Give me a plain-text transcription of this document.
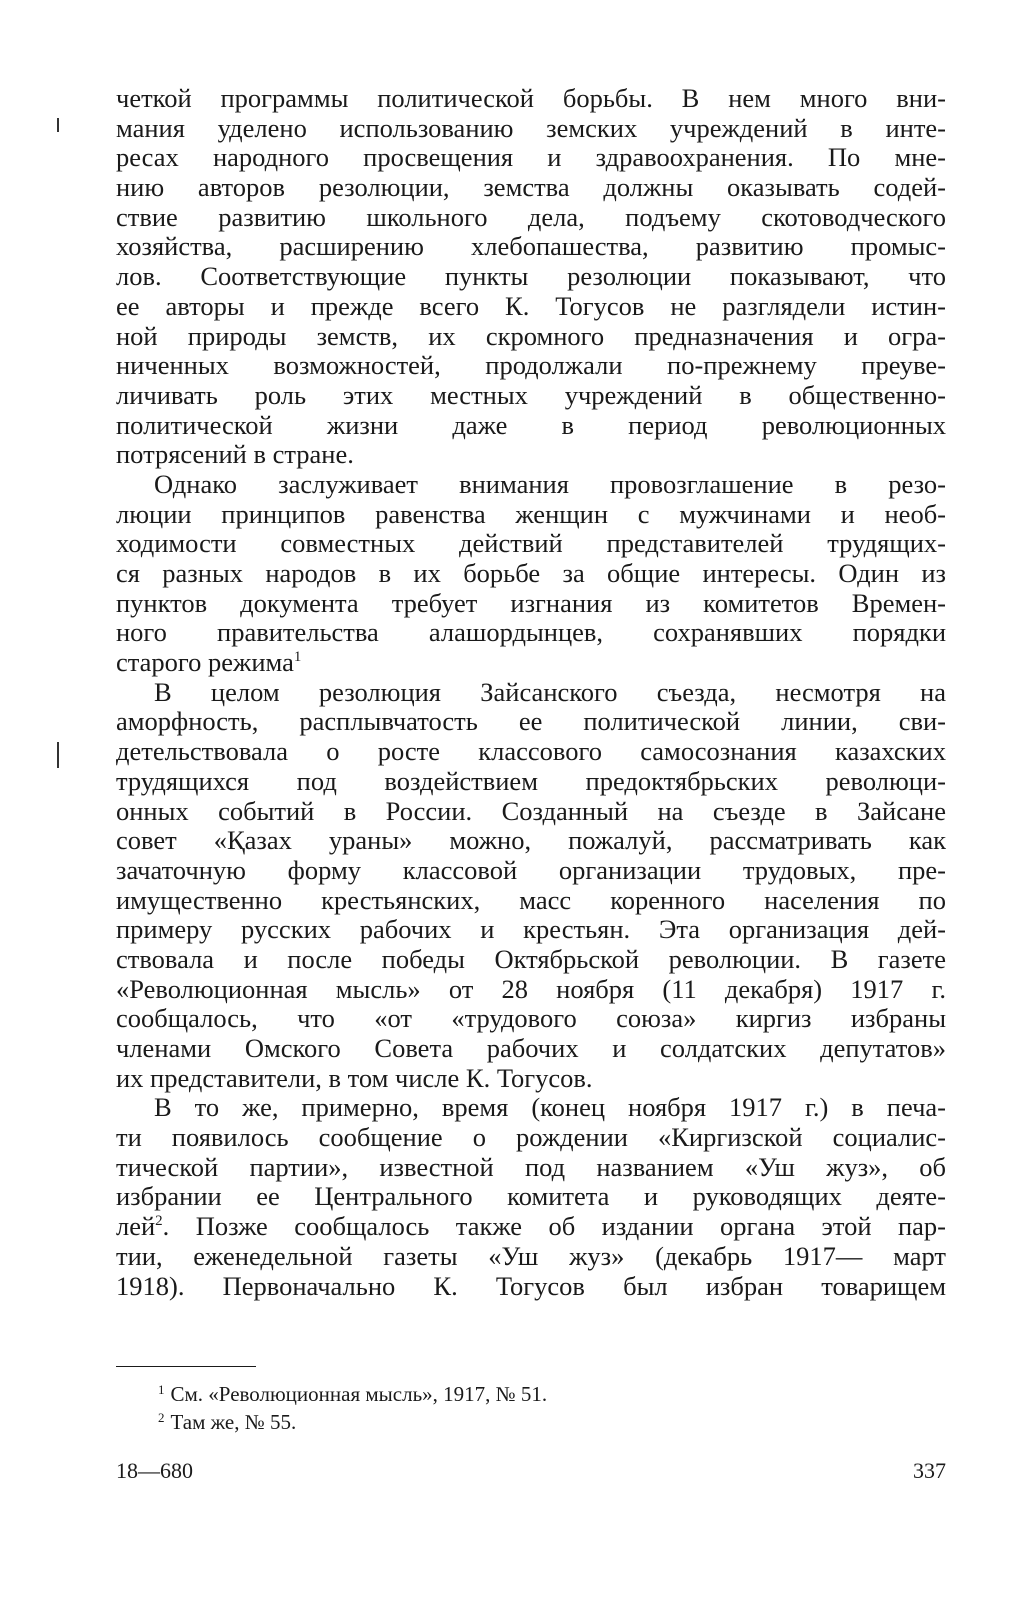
четкой программы политической борьбы. В нем много вни-
мания уделено использованию земских учреждений в инте-
ресах народного просвещения и здравоохранения. По мне-
нию авторов резолюции, земства должны оказывать содей-
ствие развитию школьного дела, подъему скотоводческого
хозяйства, расширению хлебопашества, развитию промыс-
лов. Соответствующие пункты резолюции показывают, что
ее авторы и прежде всего К. Тогусов не разглядели истин-
ной природы земств, их скромного предназначения и огра-
ниченных возможностей, продолжали по-прежнему преуве-
личивать роль этих местных учреждений в общественно-
политической жизни даже в период революционных
потрясений в стране.
Однако заслуживает внимания провозглашение в резо-
люции принципов равенства женщин с мужчинами и необ-
ходимости совместных действий представителей трудящих-
ся разных народов в их борьбе за общие интересы. Один из
пунктов документа требует изгнания из комитетов Времен-
ного правительства алашордынцев, сохранявших порядки
старого режима$^1$
В целом резолюция Зайсанского съезда, несмотря на
аморфность, расплывчатость ее политической линии, сви-
детельствовала о росте классового самосознания казахских
трудящихся под воздействием предоктябрьских революци-
онных событий в России. Созданный на съезде в Зайсане
совет «Қазах ураны» можно, пожалуй, рассматривать как
зачаточную форму классовой организации трудовых, пре-
имущественно крестьянских, масс коренного населения по
примеру русских рабочих и крестьян. Эта организация дей-
ствовала и после победы Октябрьской революции. В газете
«Революционная мысль» от 28 ноября (11 декабря) 1917 г.
сообщалось, что «от «трудового союза» киргиз избраны
членами Омского Совета рабочих и солдатских депутатов»
их представители, в том числе К. Тогусов.
В то же, примерно, время (конец ноября 1917 г.) в печа-
ти появилось сообщение о рождении «Киргизской социалис-
тической партии», известной под названием «Уш жуз», об
избрании ее Центрального комитета и руководящих деяте-
лей$^2$. Позже сообщалось также об издании органа этой пар-
тии, еженедельной газеты «Уш жуз» (декабрь 1917— март
1918). Первоначально К. Тогусов был избран товарищем
$^1$ См. «Революционная мысль», 1917, № 51.
$^2$ Там же, № 55.
18—680	337
